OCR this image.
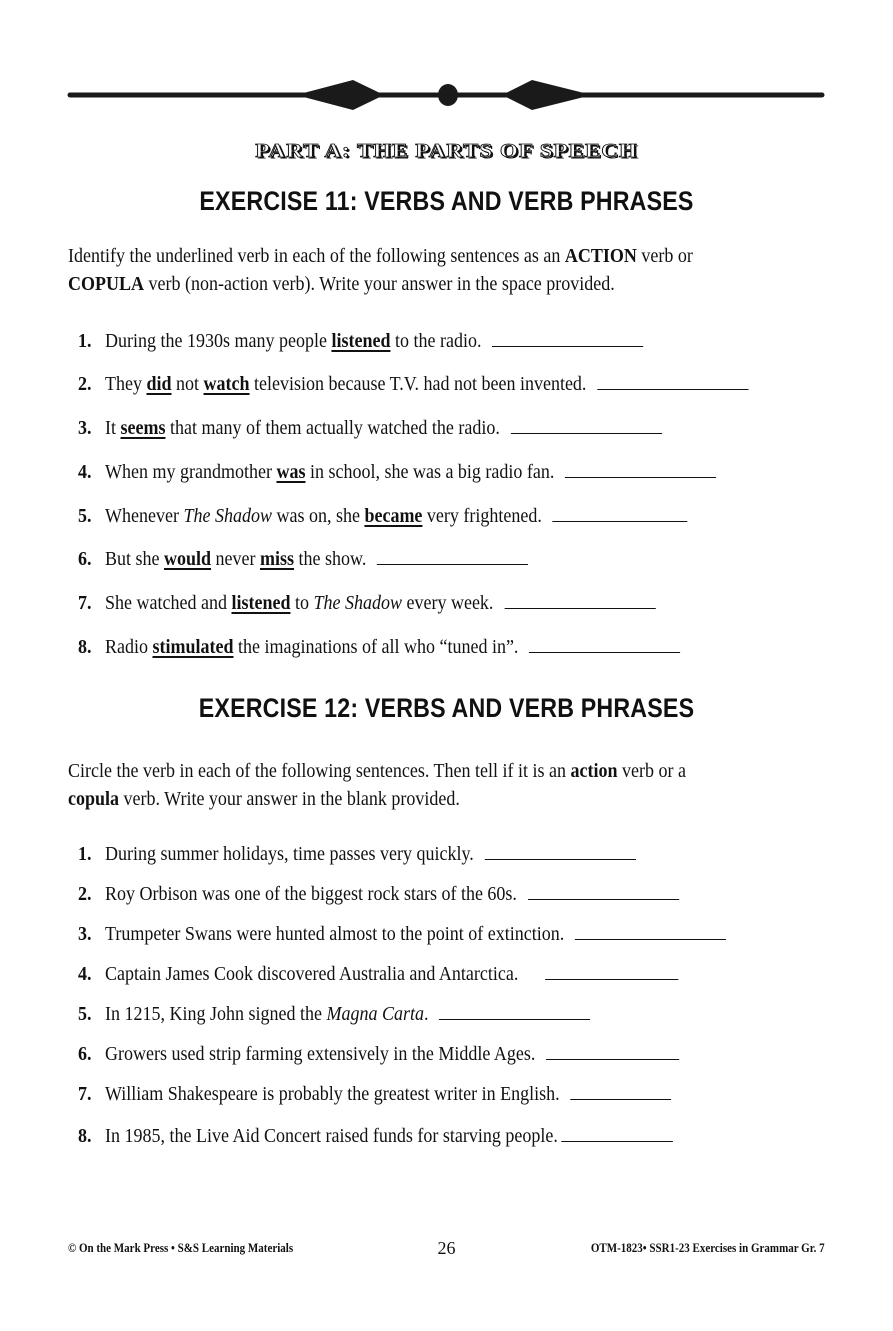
PART A: THE PARTS OF SPEECH
EXERCISE 11: VERBS AND VERB PHRASES
Identify the underlined verb in each of the following sentences as an ACTION verb or
COPULA verb (non-action verb). Write your answer in the space provided.
1. During the 1930s many people listened to the radio.
2. They did not watch television because T.V. had not been invented.
3. It seems that many of them actually watched the radio.
4. When my grandmother was in school, she was a big radio fan.
5. Whenever The Shadow was on, she became very frightened.
6. But she would never miss the show.
7. She watched and listened to The Shadow every week.
8. Radio stimulated the imaginations of all who “tuned in”.
EXERCISE 12: VERBS AND VERB PHRASES
Circle the verb in each of the following sentences. Then tell if it is an action verb or a
copula verb. Write your answer in the blank provided.
1. During summer holidays, time passes very quickly.
2. Roy Orbison was one of the biggest rock stars of the 60s.
3. Trumpeter Swans were hunted almost to the point of extinction.
4. Captain James Cook discovered Australia and Antarctica.
5. In 1215, King John signed the Magna Carta.
6. Growers used strip farming extensively in the Middle Ages.
7. William Shakespeare is probably the greatest writer in English.
8. In 1985, the Live Aid Concert raised funds for starving people.
© On the Mark Press • S&S Learning Materials	26	OTM-1823• SSR1-23 Exercises in Grammar Gr. 7
